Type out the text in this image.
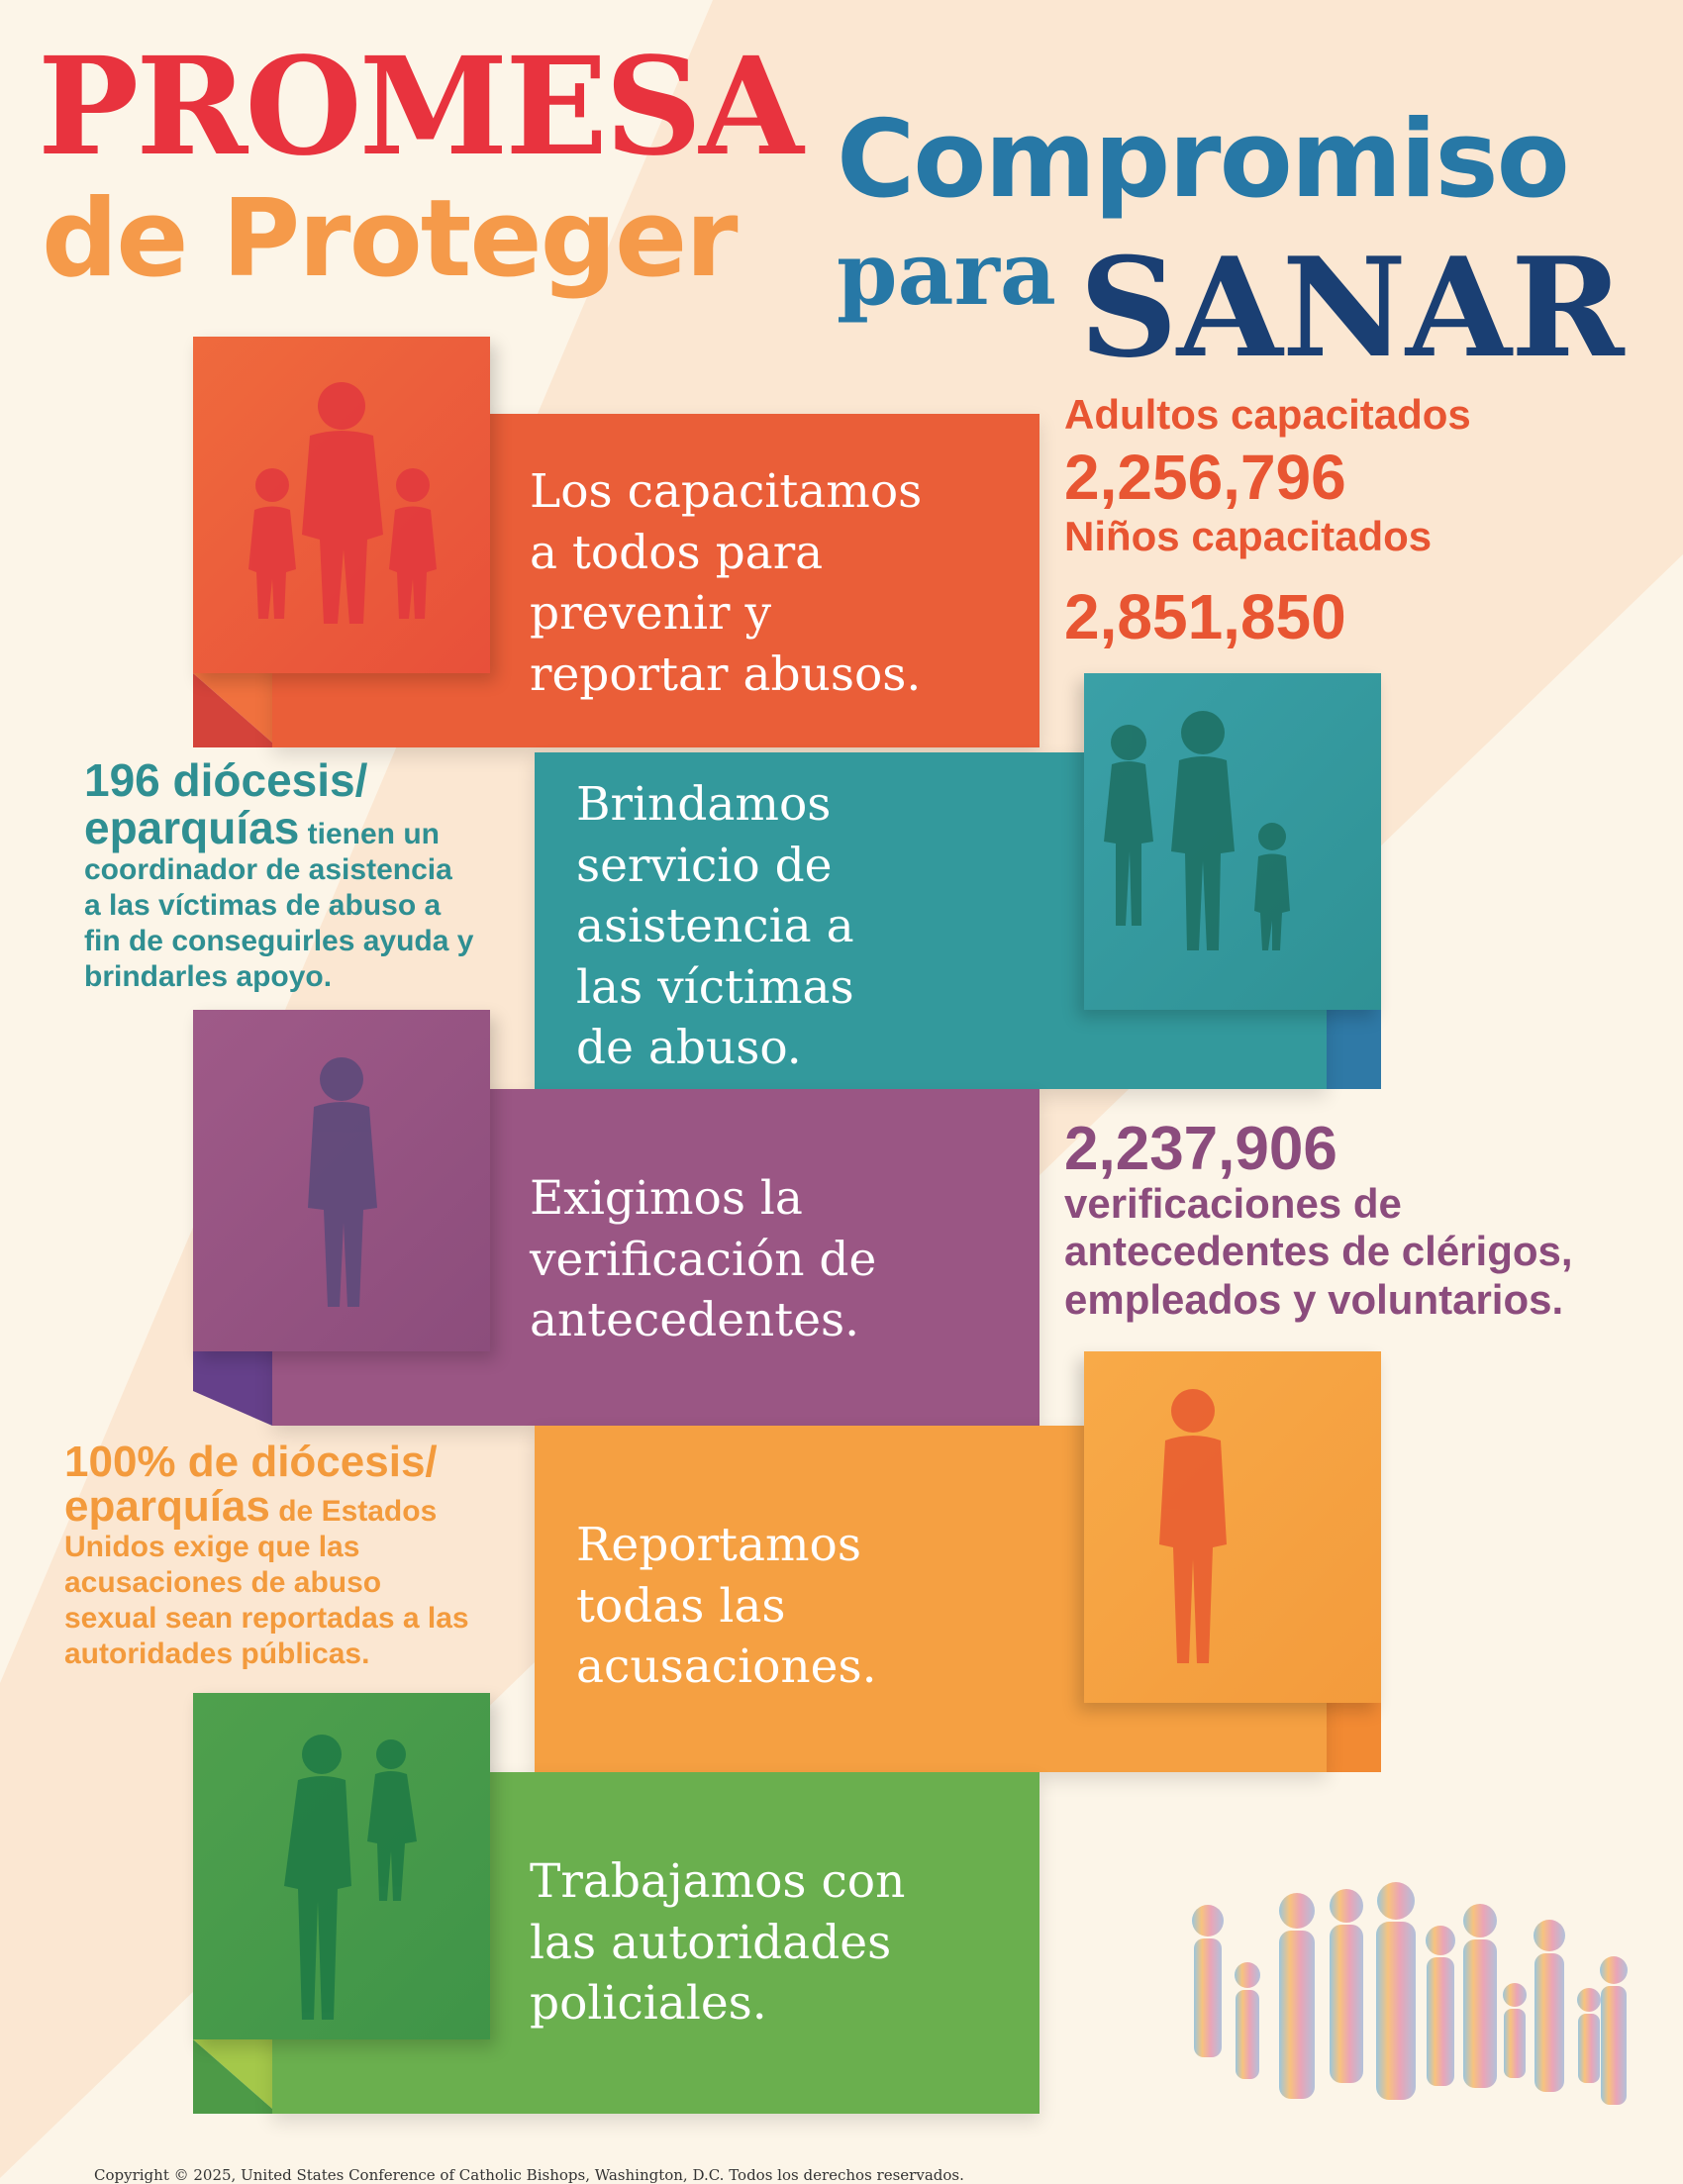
PROMESA
de Proteger
Compromiso
para SANAR

Los capacitamos
a todos para
prevenir y
reportar abusos.

Brindamos
servicio de
asistencia a
las víctimas
de abuso.

Exigimos la
verificación de
antecedentes.

Reportamos
todas las
acusaciones.

Trabajamos con
las autoridades
policiales.

Adultos capacitados

2,256,796

Niños capacitados

2,851,850

196 diócesis/
eparquías tienen un
coordinador de asistencia
a las víctimas de abuso a
fin de conseguirles ayuda y
brindarles apoyo.

2,237,906

verificaciones de
antecedentes de clérigos,
empleados y voluntarios.

100% de diócesis/
eparquías de Estados
Unidos exige que las
acusaciones de abuso
sexual sean reportadas a las
autoridades públicas.

Copyright © 2025, United States Conference of Catholic Bishops, Washington, D.C. Todos los derechos reservados.
